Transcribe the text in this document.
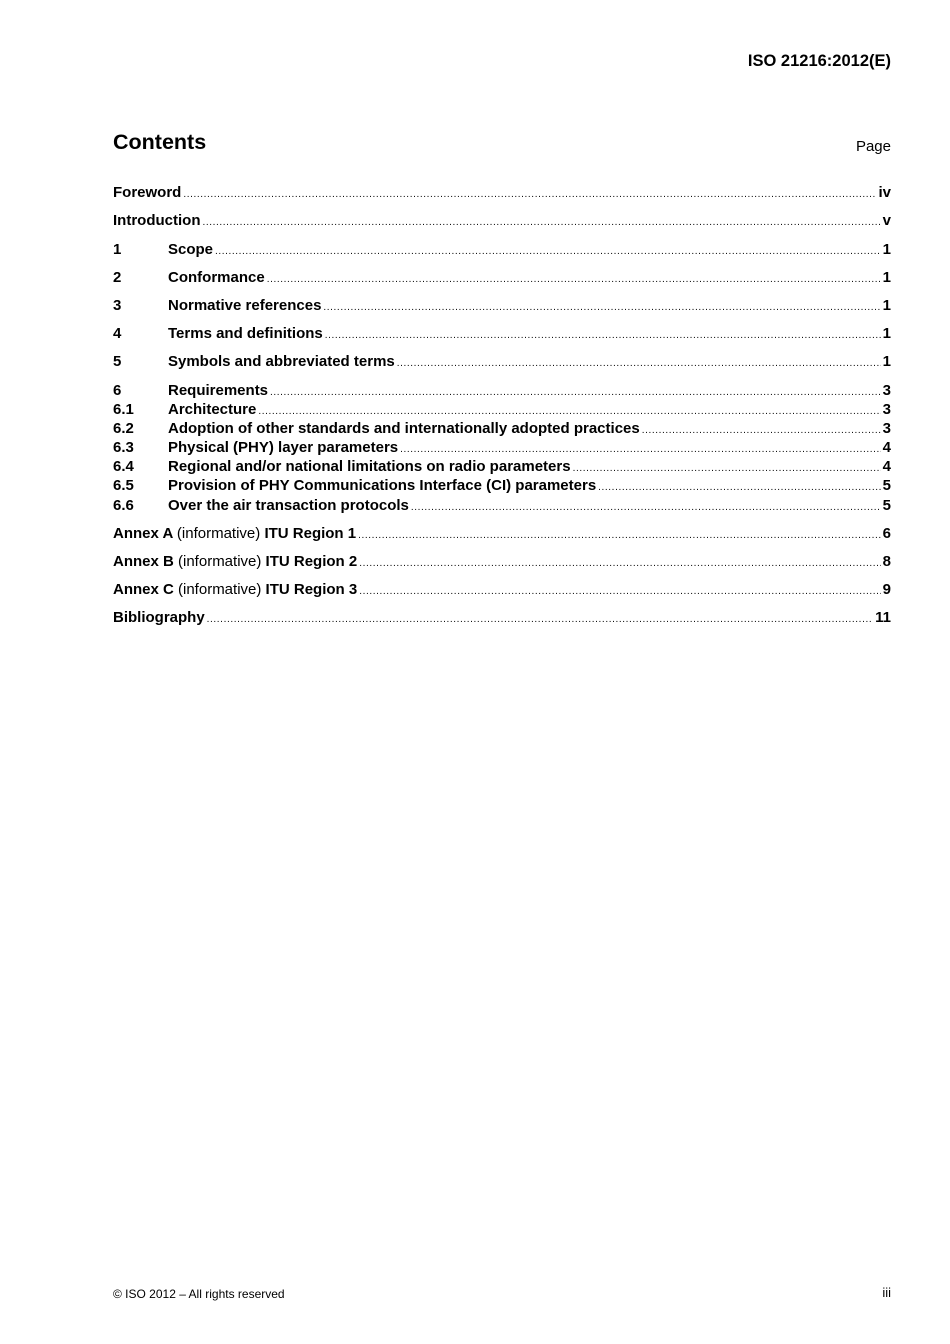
ISO 21216:2012(E)
Contents	Page
Foreword .....	iv
Introduction .....	v
1	Scope .....	1
2	Conformance .....	1
3	Normative references .....	1
4	Terms and definitions .....	1
5	Symbols and abbreviated terms .....	1
6	Requirements .....	3
6.1	Architecture .....	3
6.2	Adoption of other standards and internationally adopted practices .....	3
6.3	Physical (PHY) layer parameters .....	4
6.4	Regional and/or national limitations on radio parameters .....	4
6.5	Provision of PHY Communications Interface (CI) parameters .....	5
6.6	Over the air transaction protocols .....	5
Annex A (informative) ITU Region 1 .....	6
Annex B (informative) ITU Region 2 .....	8
Annex C (informative) ITU Region 3 .....	9
Bibliography .....	11
© ISO 2012 – All rights reserved	iii
